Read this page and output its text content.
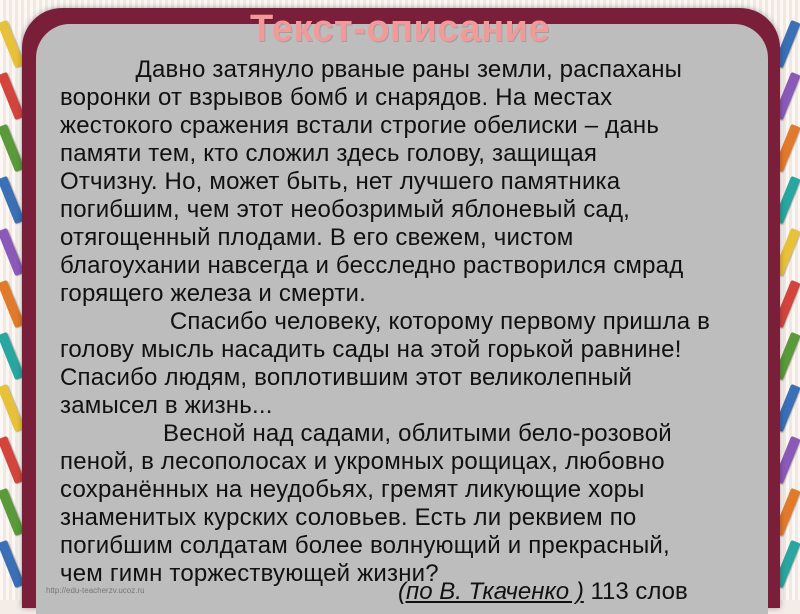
Текст-описание

Давно затянуло рваные раны земли, распаханы

воронки от взрывов бомб и снарядов. На местах

жестокого сражения встали строгие обелиски – дань

памяти тем, кто сложил здесь голову, защищая

Отчизну. Но, может быть, нет лучшего памятника

погибшим, чем этот необозримый яблоневый сад,

отягощенный плодами. В его свежем, чистом

благоухании навсегда и бесследно растворился смрад

горящего железа и смерти.

Спасибо человеку, которому первому пришла в

голову мысль насадить сады на этой горькой равнине!

Спасибо людям, воплотившим этот великолепный

замысел в жизнь...

Весной над садами, облитыми бело-розовой

пеной, в лесополосах и укромных рощицах, любовно

сохранённых на неудобьях, гремят ликующие хоры

знаменитых курских соловьев. Есть ли реквием по

погибшим солдатам более волнующий и прекрасный,

чем гимн торжествующей жизни?

(по В. Ткаченко ) 113 слов
http://edu-teacherzv.ucoz.ru
